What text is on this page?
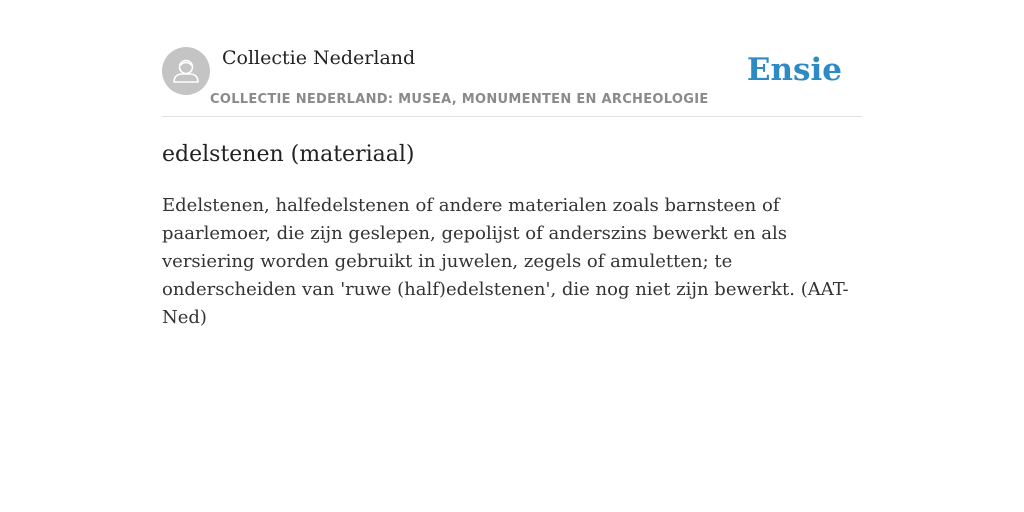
Collectie Nederland
COLLECTIE NEDERLAND: MUSEA, MONUMENTEN EN ARCHEOLOGIE
Ensie
edelstenen (materiaal)

Edelstenen, halfedelstenen of andere materialen zoals barnsteen of paarlemoer, die zijn geslepen, gepolijst of anderszins bewerkt en als versiering worden gebruikt in juwelen, zegels of amuletten; te onderscheiden van 'ruwe (half)edelstenen', die nog niet zijn bewerkt. (AAT-Ned)
